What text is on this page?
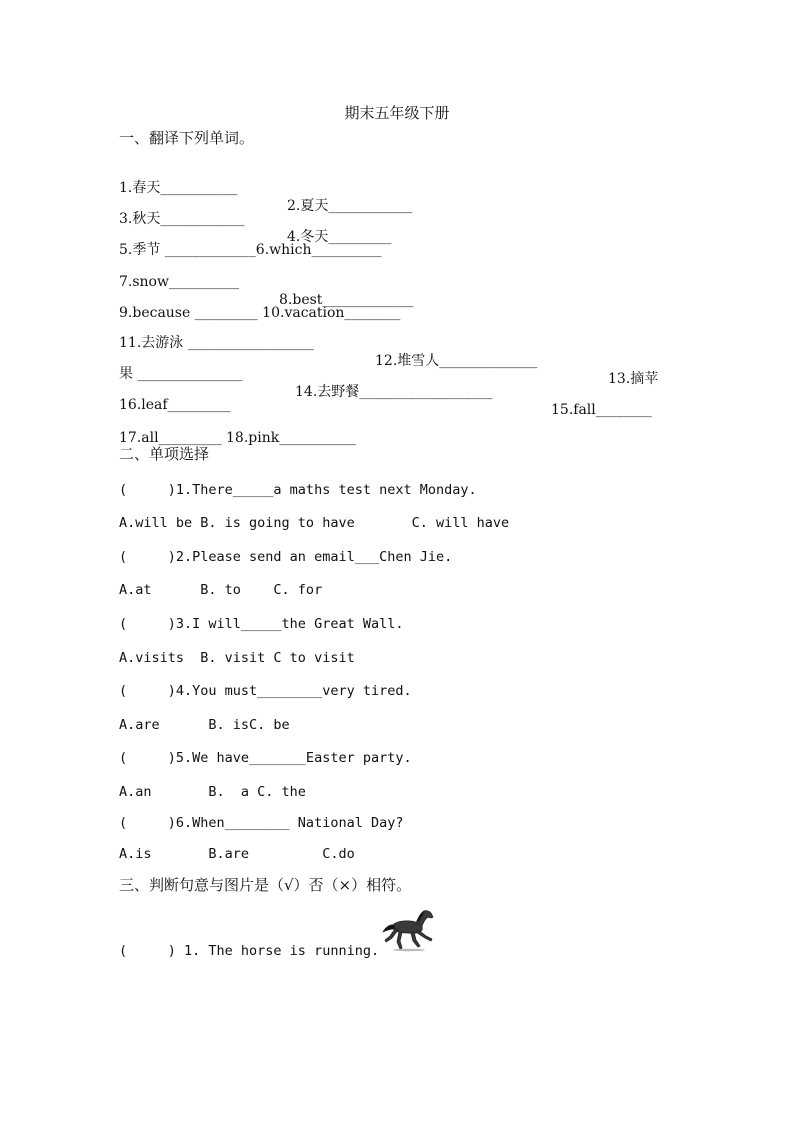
期末五年级下册
一、翻译下列单词。

1.春天___________

2.夏天____________

3.秋天____________

4.冬天_________

5.季节 _____________6.which__________

7.snow__________

8.best_____________

9.because _________ 10.vacation________

11.去游泳 __________________

12.堆雪人______________

13.摘苹

果 _______________

14.去野餐___________________

15.fall________

16.leaf_________

17.all_________ 18.pink___________

二、单项选择
(     )1.There_____a maths test next Monday.
A.will be B. is going to have       C. will have
(     )2.Please send an email___Chen Jie.
A.at      B. to    C. for
(     )3.I will_____the Great Wall.
A.visits  B. visit C to visit
(     )4.You must________very tired.
A.are      B. isC. be
(     )5.We have_______Easter party.
A.an       B.  a C. the
(     )6.When________ National Day?
A.is       B.are         C.do
三、判断句意与图片是（√）否（×）相符。
(     ) 1. The horse is running.
